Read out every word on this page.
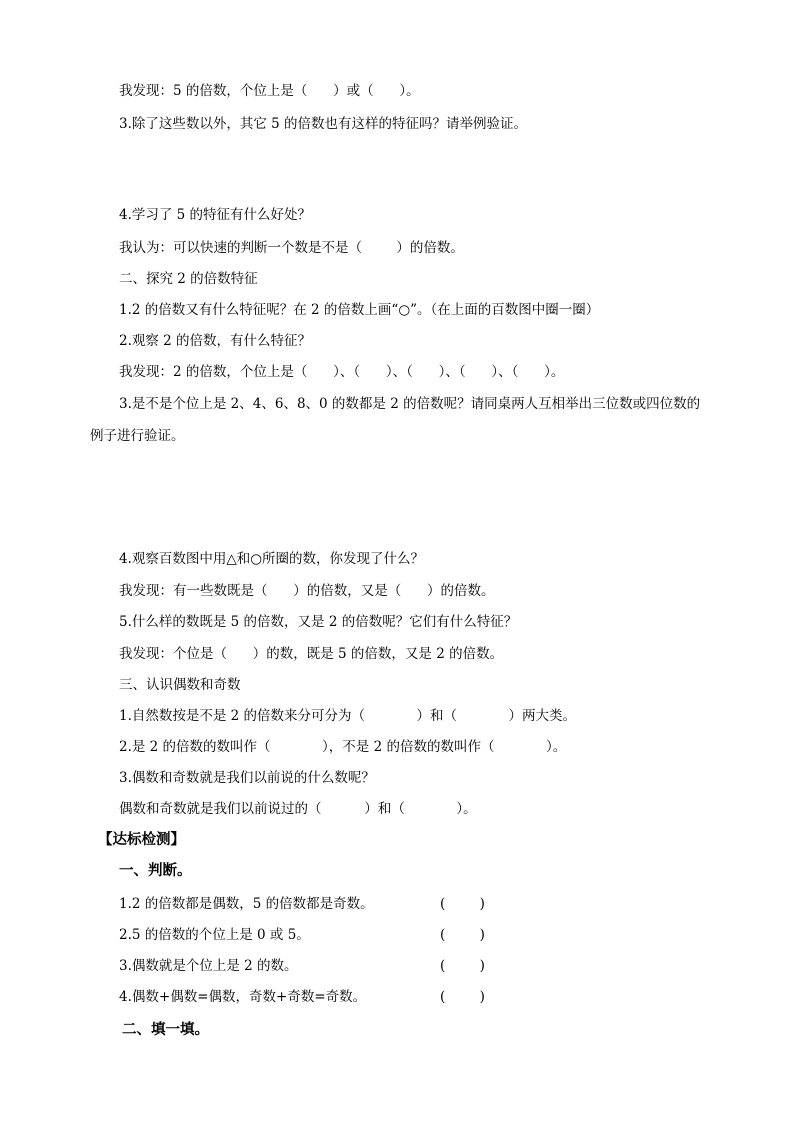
我发现：5 的倍数，个位上是（      ）或（      ）。
3.除了这些数以外，其它 5 的倍数也有这样的特征吗？请举例验证。
4.学习了 5 的特征有什么好处？
我认为：可以快速的判断一个数是不是（        ）的倍数。
二、探究 2 的倍数特征
1.2 的倍数又有什么特征呢？在 2 的倍数上画“○”。（在上面的百数图中圈一圈）
2.观察 2 的倍数，有什么特征？
我发现：2 的倍数，个位上是（      ）、（      ）、（      ）、（      ）、（      ）。
3.是不是个位上是 2、4、6、8、0 的数都是 2 的倍数呢？请同桌两人互相举出三位数或四位数的
例子进行验证。
4.观察百数图中用△和○所圈的数，你发现了什么？
我发现：有一些数既是（      ）的倍数，又是（      ）的倍数。
5.什么样的数既是 5 的倍数，又是 2 的倍数呢？它们有什么特征？
我发现：个位是（      ）的数，既是 5 的倍数，又是 2 的倍数。
三、认识偶数和奇数
1.自然数按是不是 2 的倍数来分可分为（            ）和（            ）两大类。
2.是 2 的倍数的数叫作（            ），不是 2 的倍数的数叫作（            ）。
3.偶数和奇数就是我们以前说的什么数呢？
偶数和奇数就是我们以前说过的（          ）和（            ）。
【达标检测】
一、判断。
1.2 的倍数都是偶数，5 的倍数都是奇数。	(        )
2.5 的倍数的个位上是 0 或 5。	(        )
3.偶数就是个位上是 2 的数。	(        )
4.偶数+偶数=偶数，奇数+奇数=奇数。	(        )
二、填一填。
